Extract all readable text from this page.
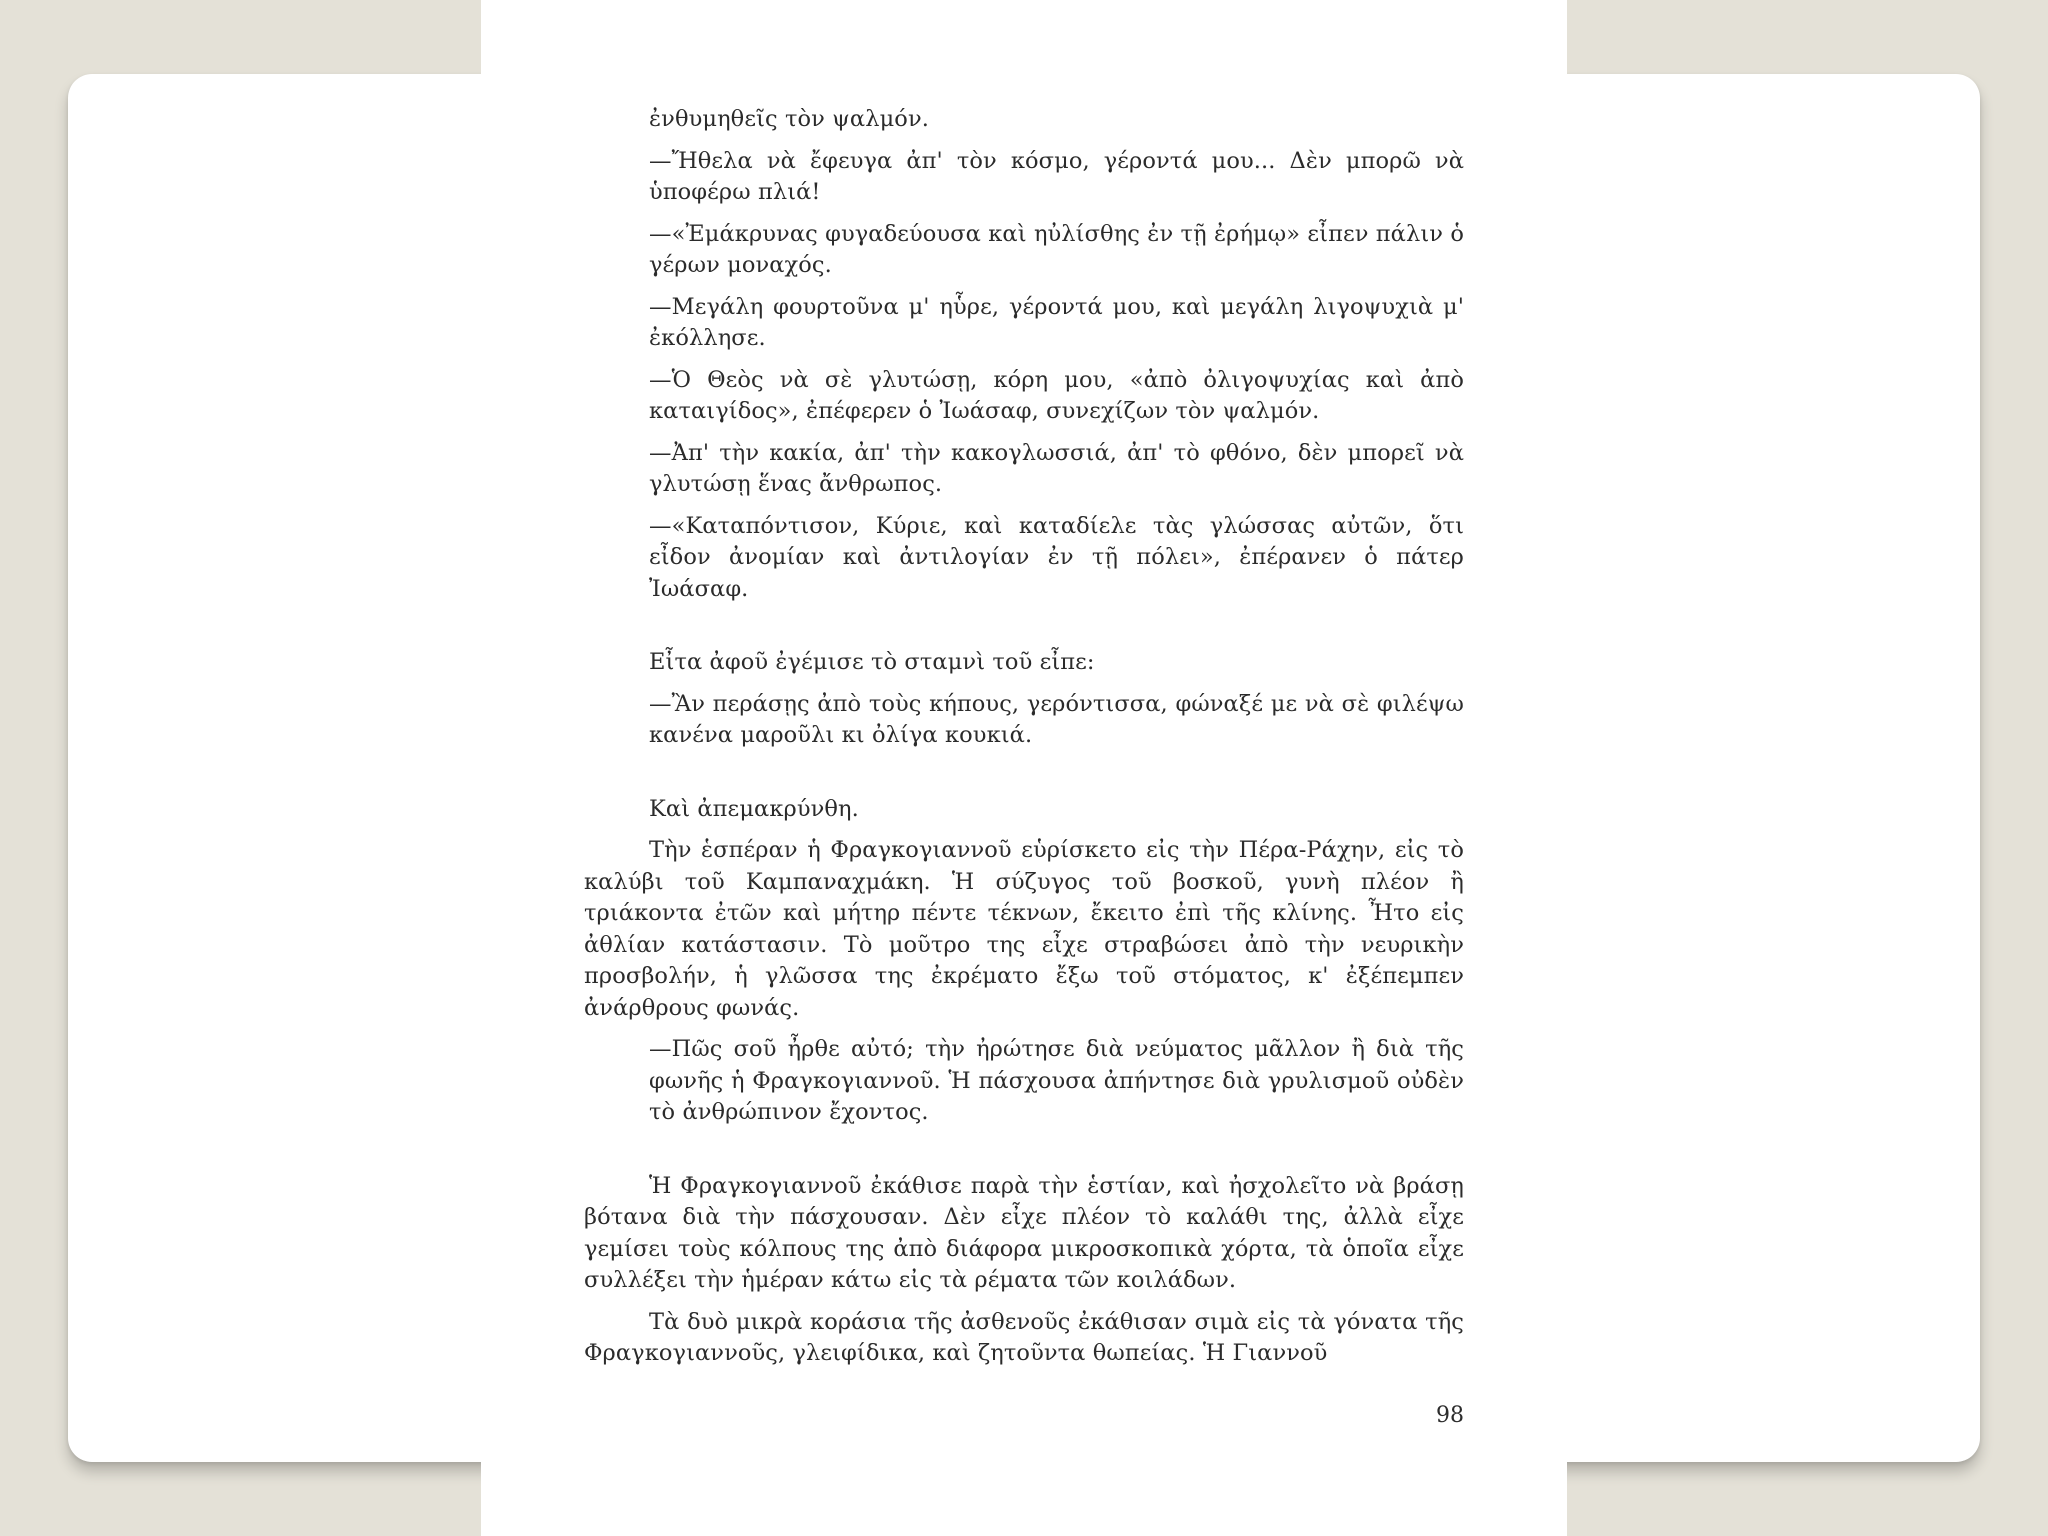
ἐνθυμηθεῖς τὸν ψαλμόν.

—Ἤθελα νὰ ἔφευγα ἀπ' τὸν κόσμο, γέροντά μου... Δὲν μπορῶ νὰ ὑποφέρω πλιά!

—«Ἐμάκρυνας φυγαδεύουσα καὶ ηὐλίσθης ἐν τῇ ἐρήμῳ» εἶπεν πάλιν ὁ γέρων μοναχός.

—Μεγάλη φουρτοῦνα μ' ηὗρε, γέροντά μου, καὶ μεγάλη λιγοψυχιὰ μ' ἐκόλλησε.

—Ὁ Θεὸς νὰ σὲ γλυτώσῃ, κόρη μου, «ἀπὸ ὀλιγοψυχίας καὶ ἀπὸ καταιγίδος», ἐπέφερεν ὁ Ἰωάσαφ, συνεχίζων τὸν ψαλμόν.

—Ἀπ' τὴν κακία, ἀπ' τὴν κακογλωσσιά, ἀπ' τὸ φθόνο, δὲν μπορεῖ νὰ γλυτώσῃ ἕνας ἄνθρωπος.

—«Καταπόντισον, Κύριε, καὶ καταδίελε τὰς γλώσσας αὐτῶν, ὅτι εἶδον ἀνομίαν καὶ ἀντιλογίαν ἐν τῇ πόλει», ἐπέρανεν ὁ πάτερ Ἰωάσαφ.

Εἶτα ἀφοῦ ἐγέμισε τὸ σταμνὶ τοῦ εἶπε:

—Ἂν περάσῃς ἀπὸ τοὺς κήπους, γερόντισσα, φώναξέ με νὰ σὲ φιλέψω κανένα μαροῦλι κι ὀλίγα κουκιά.

Καὶ ἀπεμακρύνθη.

Τὴν ἑσπέραν ἡ Φραγκογιαννοῦ εὑρίσκετο εἰς τὴν Πέρα-Ράχην, εἰς τὸ καλύβι τοῦ Καμπαναχμάκη. Ἡ σύζυγος τοῦ βοσκοῦ, γυνὴ πλέον ἢ τριάκοντα ἐτῶν καὶ μήτηρ πέντε τέκνων, ἔκειτο ἐπὶ τῆς κλίνης. Ἦτο εἰς ἀθλίαν κατάστασιν. Τὸ μοῦτρο της εἶχε στραβώσει ἀπὸ τὴν νευρικὴν προσβολήν, ἡ γλῶσσα της ἐκρέματο ἔξω τοῦ στόματος, κ' ἐξέπεμπεν ἀνάρθρους φωνάς.

—Πῶς σοῦ ἦρθε αὐτό; τὴν ἠρώτησε διὰ νεύματος μᾶλλον ἢ διὰ τῆς φωνῆς ἡ Φραγκογιαννοῦ. Ἡ πάσχουσα ἀπήντησε διὰ γρυλισμοῦ οὐδὲν τὸ ἀνθρώπινον ἔχοντος.

Ἡ Φραγκογιαννοῦ ἐκάθισε παρὰ τὴν ἑστίαν, καὶ ἠσχολεῖτο νὰ βράσῃ βότανα διὰ τὴν πάσχουσαν. Δὲν εἶχε πλέον τὸ καλάθι της, ἀλλὰ εἶχε γεμίσει τοὺς κόλπους της ἀπὸ διάφορα μικροσκοπικὰ χόρτα, τὰ ὁποῖα εἶχε συλλέξει τὴν ἡμέραν κάτω εἰς τὰ ρέματα τῶν κοιλάδων.

Τὰ δυὸ μικρὰ κοράσια τῆς ἀσθενοῦς ἐκάθισαν σιμὰ εἰς τὰ γόνατα τῆς Φραγκογιαννοῦς, γλειφίδικα, καὶ ζητοῦντα θωπείας. Ἡ Γιαννοῦ

98
